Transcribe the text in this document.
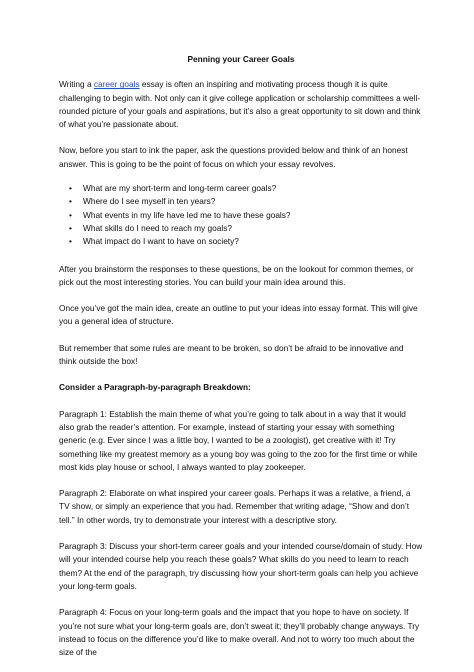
Penning your Career Goals

Writing a career goals essay is often an inspiring and motivating process though it is quite challenging to begin with. Not only can it give college application or scholarship committees a well-rounded picture of your goals and aspirations, but it’s also a great opportunity to sit down and think of what you’re passionate about.

Now, before you start to ink the paper, ask the questions provided below and think of an honest answer. This is going to be the point of focus on which your essay revolves.

• What are my short-term and long-term career goals?
• Where do I see myself in ten years?
• What events in my life have led me to have these goals?
• What skills do I need to reach my goals?
• What impact do I want to have on society?

After you brainstorm the responses to these questions, be on the lookout for common themes, or pick out the most interesting stories. You can build your main idea around this.

Once you’ve got the main idea, create an outline to put your ideas into essay format. This will give you a general idea of structure.

But remember that some rules are meant to be broken, so don’t be afraid to be innovative and think outside the box!

Consider a Paragraph-by-paragraph Breakdown:

Paragraph 1: Establish the main theme of what you’re going to talk about in a way that it would also grab the reader’s attention. For example, instead of starting your essay with something generic (e.g. Ever since I was a little boy, I wanted to be a zoologist), get creative with it! Try something like my greatest memory as a young boy was going to the zoo for the first time or while most kids play house or school, I always wanted to play zookeeper.

Paragraph 2: Elaborate on what inspired your career goals. Perhaps it was a relative, a friend, a TV show, or simply an experience that you had. Remember that writing adage, “Show and don’t tell.” In other words, try to demonstrate your interest with a descriptive story.

Paragraph 3: Discuss your short-term career goals and your intended course/domain of study. How will your intended course help you reach these goals? What skills do you need to learn to reach them? At the end of the paragraph, try discussing how your short-term goals can help you achieve your long-term goals.

Paragraph 4: Focus on your long-term goals and the impact that you hope to have on society. If you’re not sure what your long-term goals are, don’t sweat it; they’ll probably change anyways. Try instead to focus on the difference you’d like to make overall. And not to worry too much about the size of the
